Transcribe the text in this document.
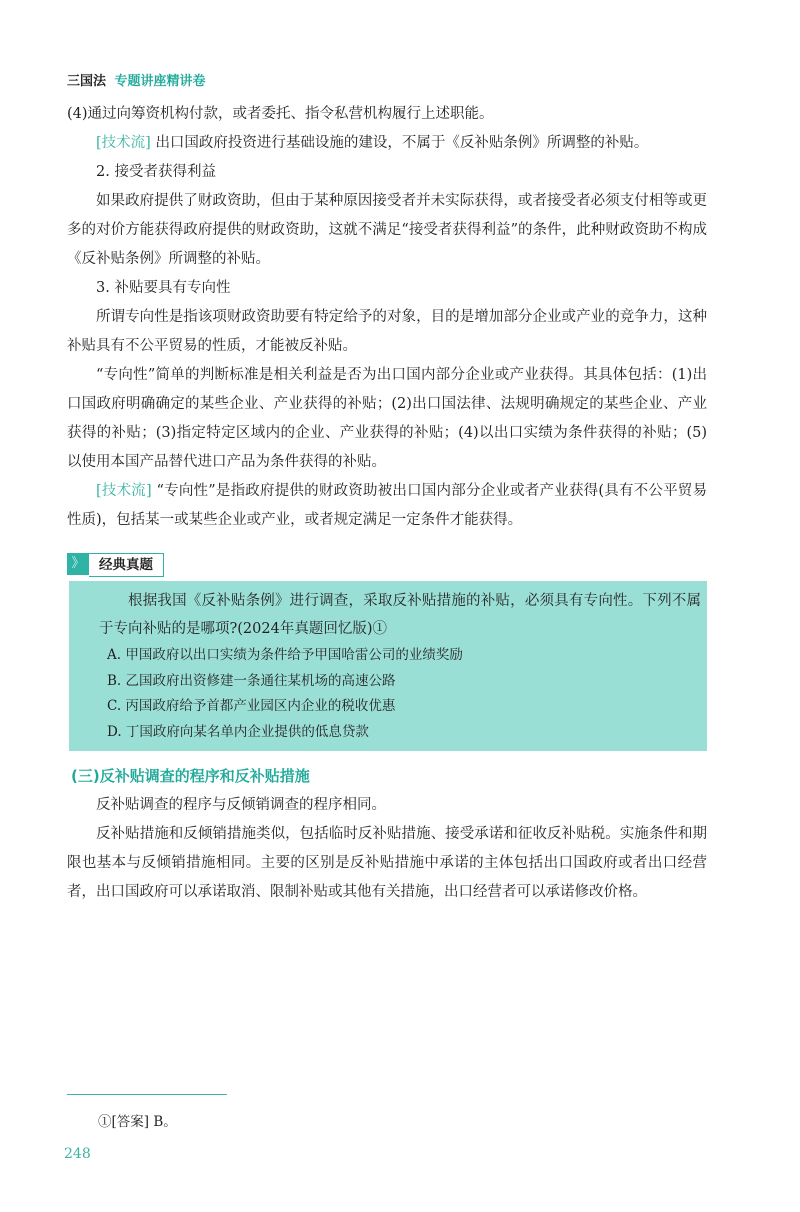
三国法 专题讲座精讲卷

(4)通过向筹资机构付款，或者委托、指令私营机构履行上述职能。

[技术流] 出口国政府投资进行基础设施的建设，不属于《反补贴条例》所调整的补贴。

2. 接受者获得利益

如果政府提供了财政资助，但由于某种原因接受者并未实际获得，或者接受者必须支付相等或更多的对价方能获得政府提供的财政资助，这就不满足“接受者获得利益”的条件，此种财政资助不构成《反补贴条例》所调整的补贴。

3. 补贴要具有专向性

所谓专向性是指该项财政资助要有特定给予的对象，目的是增加部分企业或产业的竞争力，这种补贴具有不公平贸易的性质，才能被反补贴。

“专向性”简单的判断标准是相关利益是否为出口国内部分企业或产业获得。其具体包括：(1)出口国政府明确确定的某些企业、产业获得的补贴；(2)出口国法律、法规明确规定的某些企业、产业获得的补贴；(3)指定特定区域内的企业、产业获得的补贴；(4)以出口实绩为条件获得的补贴；(5)以使用本国产品替代进口产品为条件获得的补贴。

[技术流] “专向性”是指政府提供的财政资助被出口国内部分企业或者产业获得(具有不公平贸易性质)，包括某一或某些企业或产业，或者规定满足一定条件才能获得。

》	经典真题

根据我国《反补贴条例》进行调查，采取反补贴措施的补贴，必须具有专向性。下列不属于专向补贴的是哪项?(2024年真题回忆版)①

A. 甲国政府以出口实绩为条件给予甲国哈雷公司的业绩奖励
B. 乙国政府出资修建一条通往某机场的高速公路
C. 丙国政府给予首都产业园区内企业的税收优惠
D. 丁国政府向某名单内企业提供的低息贷款
(三)反补贴调查的程序和反补贴措施

反补贴调查的程序与反倾销调查的程序相同。

反补贴措施和反倾销措施类似，包括临时反补贴措施、接受承诺和征收反补贴税。实施条件和期限也基本与反倾销措施相同。主要的区别是反补贴措施中承诺的主体包括出口国政府或者出口经营者，出口国政府可以承诺取消、限制补贴或其他有关措施，出口经营者可以承诺修改价格。

①[答案] B。
248
